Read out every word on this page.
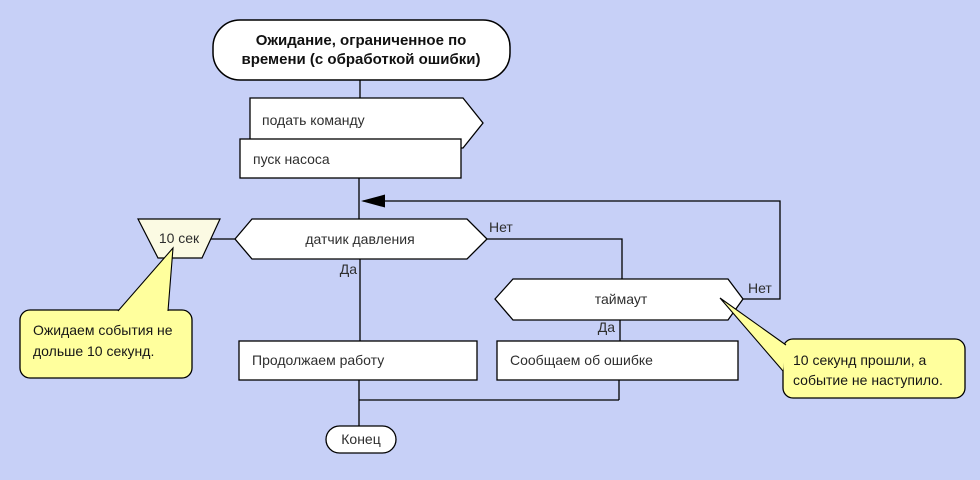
Ожидание, ограниченное по времени (с обработкой ошибки)
подать команду
пуск насоса
10 сек	датчик давления
Нет
Да
таймаут
Нет
Да
Продолжаем работу	Сообщаем об ошибке
Конец
Ожидаем события не дольше 10 секунд.
10 секунд прошли, а событие не наступило.
